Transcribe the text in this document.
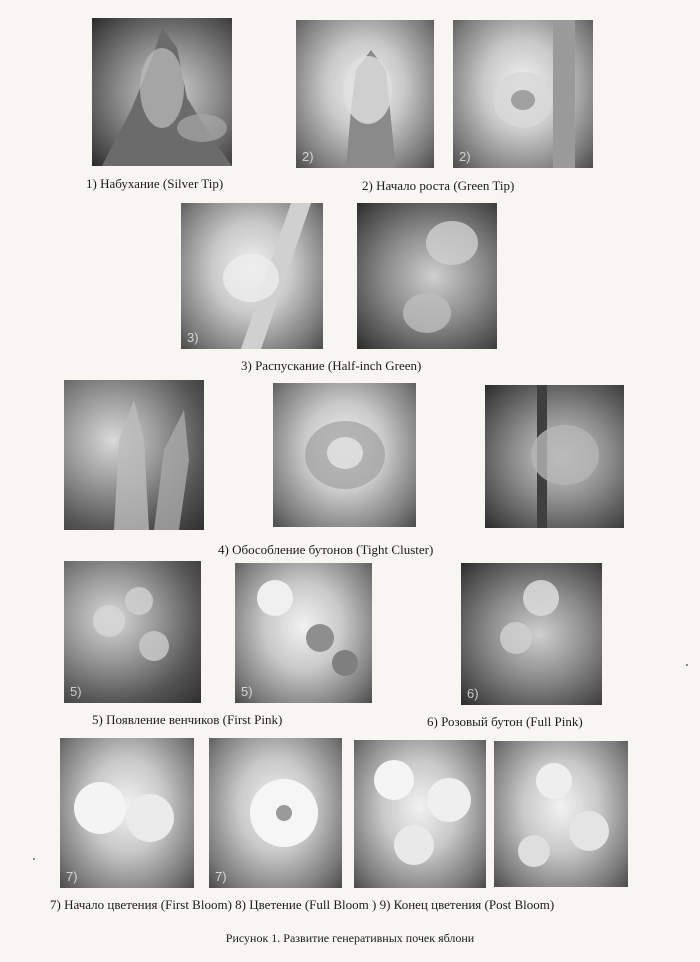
2)	2)
1) Набухание (Silver Tip)	2) Начало роста (Green Tip)
3)
3) Распускание (Half-inch Green)
4) Обособление бутонов (Tight Cluster)
5)	5)	6)
5) Появление венчиков (First Pink)	6) Розовый бутон (Full Pink)
7)	7)
7) Начало цветения (First Bloom) 8) Цветение (Full Bloom ) 9) Конец цветения (Post Bloom)
Рисунок 1. Развитие генеративных почек яблони
